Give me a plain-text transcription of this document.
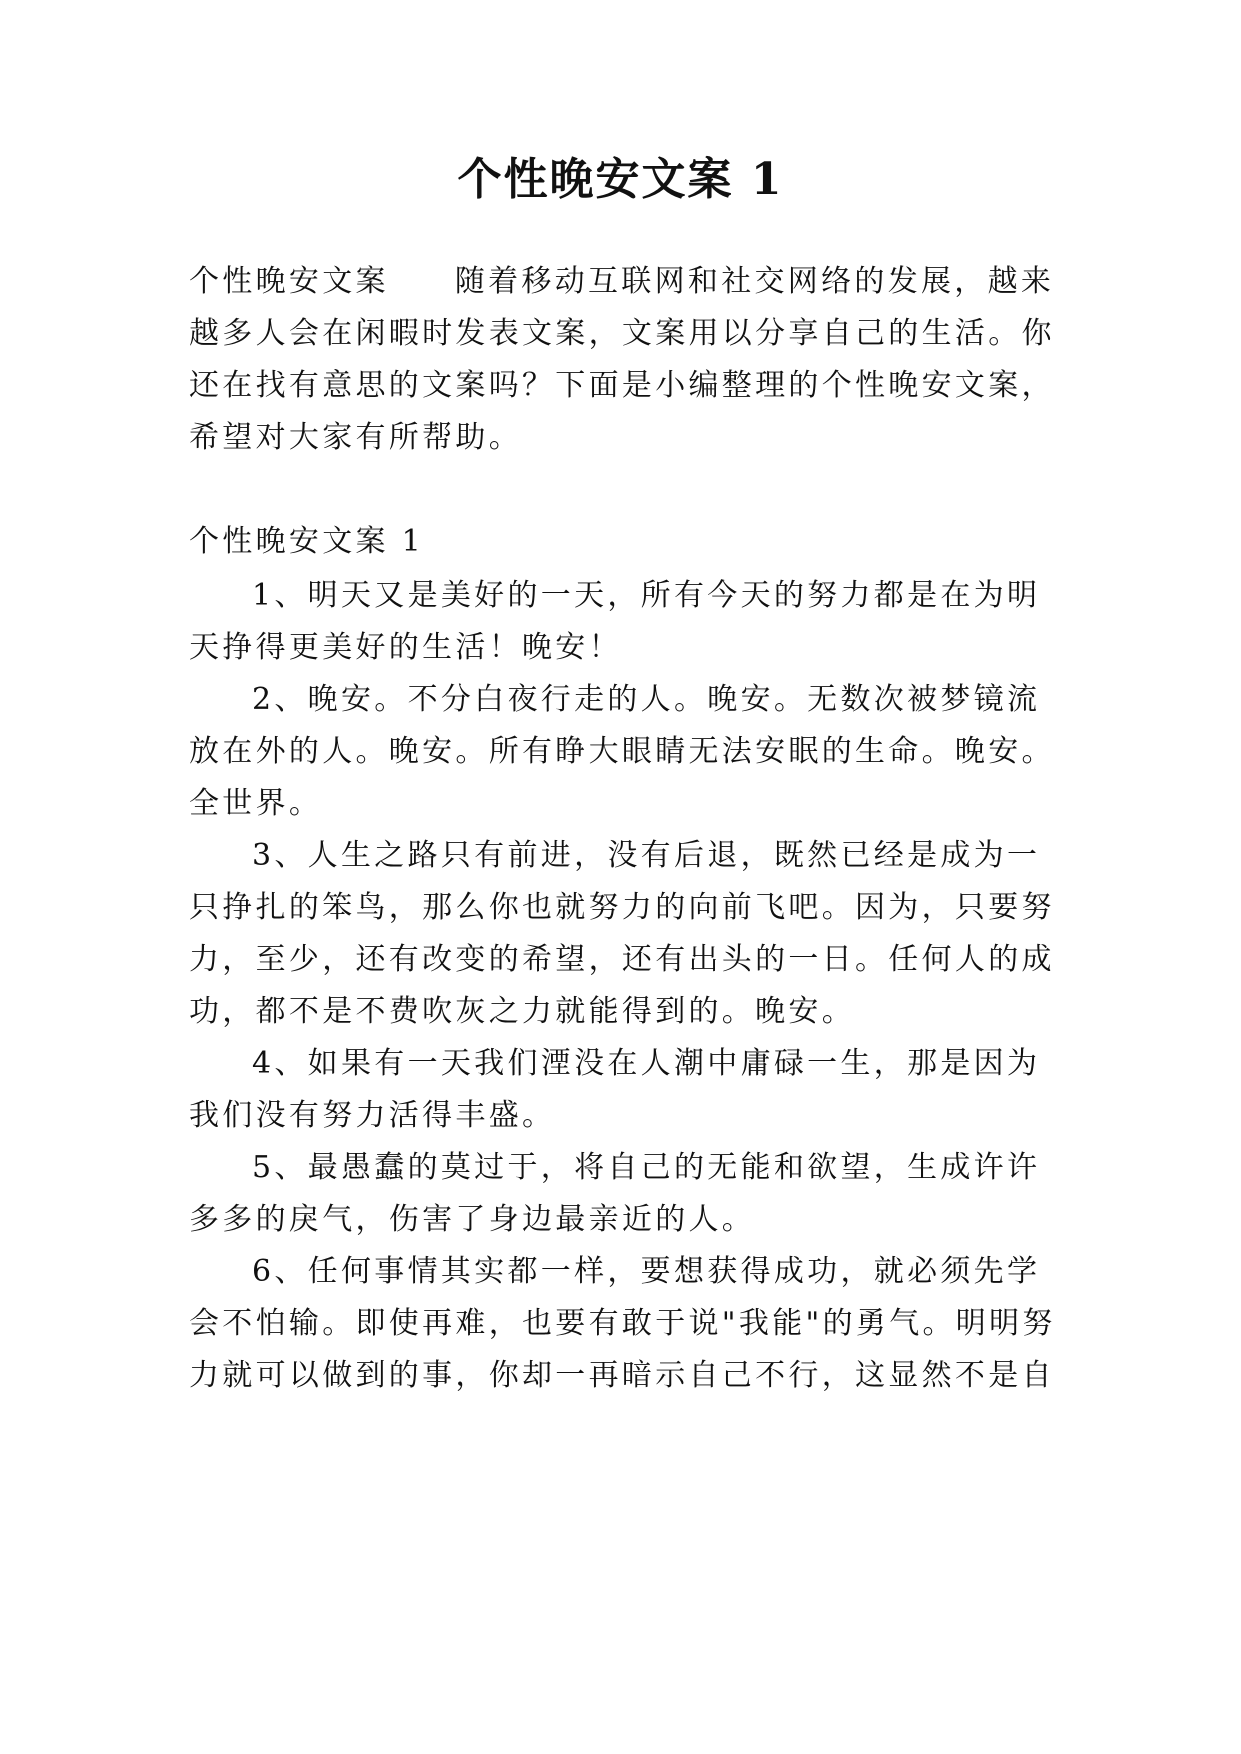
个性晚安文案 1
个性晚安文案 随着移动互联网和社交网络的发展，越来
越多人会在闲暇时发表文案，文案用以分享自己的生活。你
还在找有意思的文案吗？下面是小编整理的个性晚安文案，
希望对大家有所帮助。
个性晚安文案 1
1、明天又是美好的一天，所有今天的努力都是在为明
天挣得更美好的生活！晚安！
2、晚安。不分白夜行走的人。晚安。无数次被梦镜流
放在外的人。晚安。所有睁大眼睛无法安眠的生命。晚安。
全世界。
3、人生之路只有前进，没有后退，既然已经是成为一
只挣扎的笨鸟，那么你也就努力的向前飞吧。因为，只要努
力，至少，还有改变的希望，还有出头的一日。任何人的成
功，都不是不费吹灰之力就能得到的。晚安。
4、如果有一天我们湮没在人潮中庸碌一生，那是因为
我们没有努力活得丰盛。
5、最愚蠢的莫过于，将自己的无能和欲望，生成许许
多多的戾气，伤害了身边最亲近的人。
6、任何事情其实都一样，要想获得成功，就必须先学
会不怕输。即使再难，也要有敢于说"我能"的勇气。明明努
力就可以做到的事，你却一再暗示自己不行，这显然不是自
